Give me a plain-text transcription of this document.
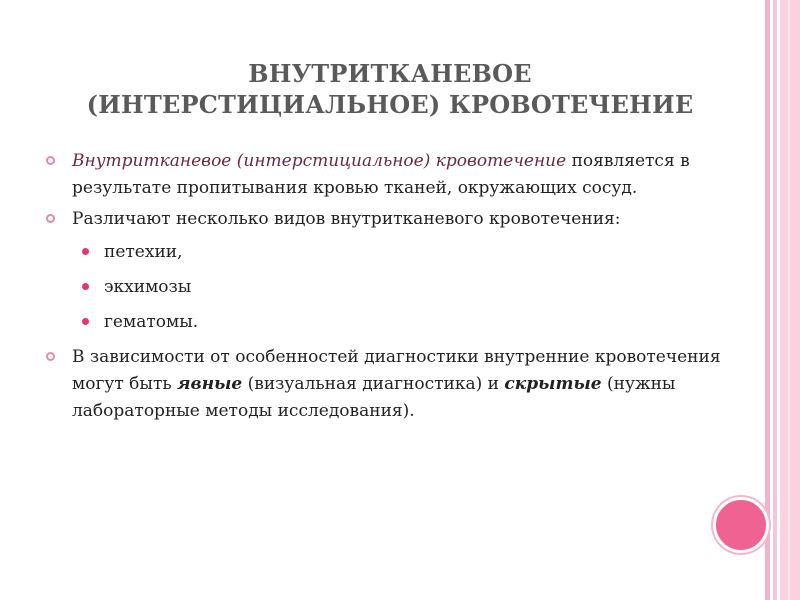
ВНУТРИТКАНЕВОЕ
(ИНТЕРСТИЦИАЛЬНОЕ) КРОВОТЕЧЕНИЕ
Внутритканевое (интерстициальное) кровотечение появляется в результате пропитывания кровью тканей, окружающих сосуд.
Различают несколько видов внутритканевого кровотечения:
петехии,
экхимозы
гематомы.
В зависимости от особенностей диагностики внутренние кровотечения могут быть явные (визуальная диагностика) и скрытые (нужны лабораторные методы исследования).
